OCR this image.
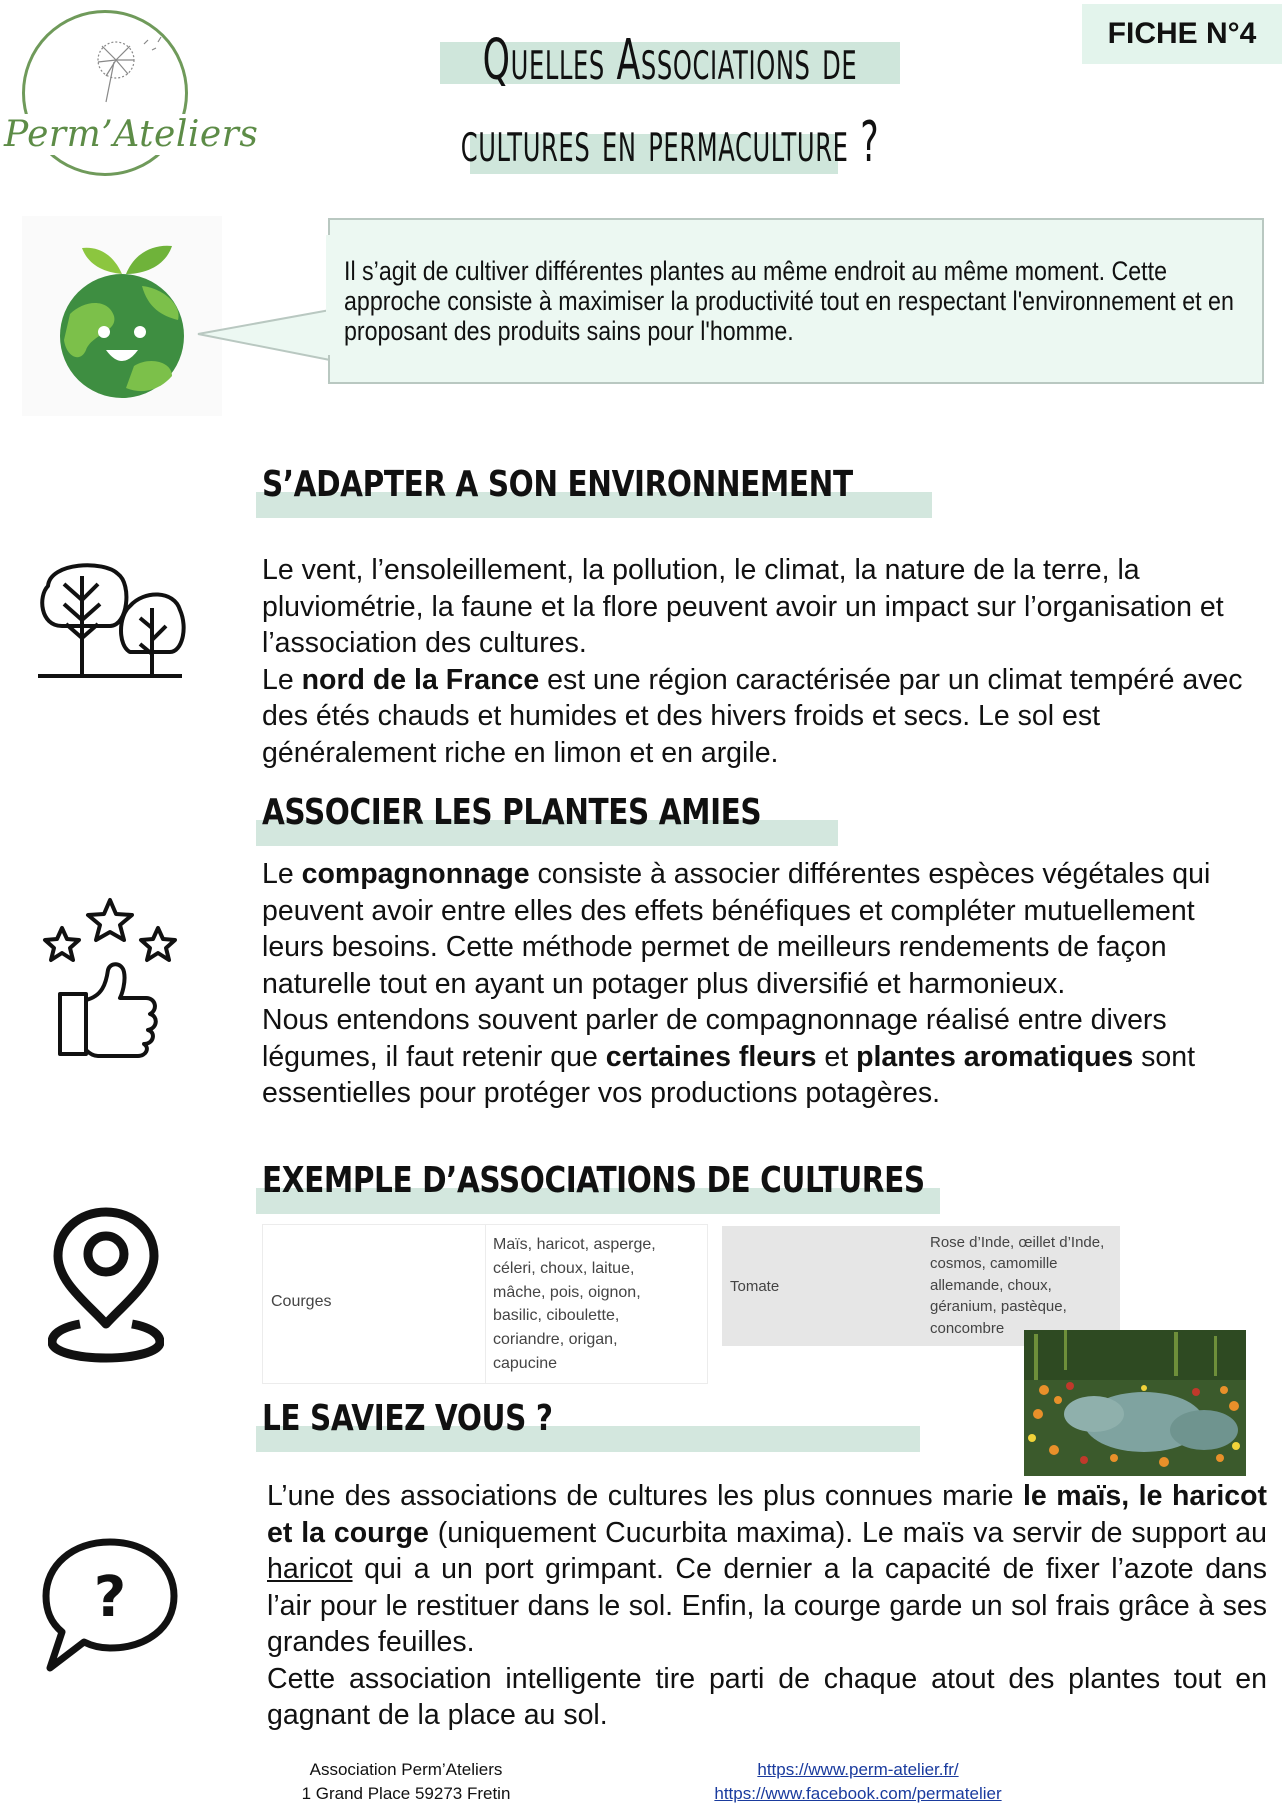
Perm’Ateliers
FICHE N°4
Quelles Associations de
cultures en permaculture ?
Il s’agit de cultiver différentes plantes au même endroit au même moment. Cette approche consiste à maximiser la productivité tout en respectant l'environnement et en proposant des produits sains pour l'homme.
S’ADAPTER A SON ENVIRONNEMENT
Le vent, l’ensoleillement, la pollution, le climat, la nature de la terre, la pluviométrie, la faune et la flore peuvent avoir un impact sur l’organisation et l’association des cultures.
Le nord de la France est une région caractérisée par un climat tempéré avec des étés chauds et humides et des hivers froids et secs. Le sol est généralement riche en limon et en argile.
ASSOCIER LES PLANTES AMIES
Le compagnonnage consiste à associer différentes espèces végétales qui peuvent avoir entre elles des effets bénéfiques et compléter mutuellement leurs besoins. Cette méthode permet de meilleurs rendements de façon naturelle tout en ayant un potager plus diversifié et harmonieux.
Nous entendons souvent parler de compagnonnage réalisé entre divers légumes, il faut retenir que certaines fleurs et plantes aromatiques sont essentielles pour protéger vos productions potagères.
EXEMPLE D’ASSOCIATIONS DE CULTURES
Courges
Maïs, haricot, asperge,
céleri, choux, laitue,
mâche, pois, oignon,
basilic, ciboulette,
coriandre, origan,
capucine
Tomate
Rose d’Inde, œillet d’Inde,
cosmos, camomille
allemande, choux,
géranium, pastèque,
concombre
LE SAVIEZ VOUS ?
?
L’une des associations de cultures les plus connues marie le maïs, le haricot et la courge (uniquement Cucurbita maxima). Le maïs va servir de support au haricot qui a un port grimpant. Ce dernier a la capacité de fixer l’azote dans l’air pour le restituer dans le sol. Enfin, la courge garde un sol frais grâce à ses grandes feuilles.
Cette association intelligente tire parti de chaque atout des plantes tout en gagnant de la place au sol.
Association Perm’Ateliers
1 Grand Place 59273 Fretin
https://www.perm-atelier.fr/
https://www.facebook.com/permatelier
